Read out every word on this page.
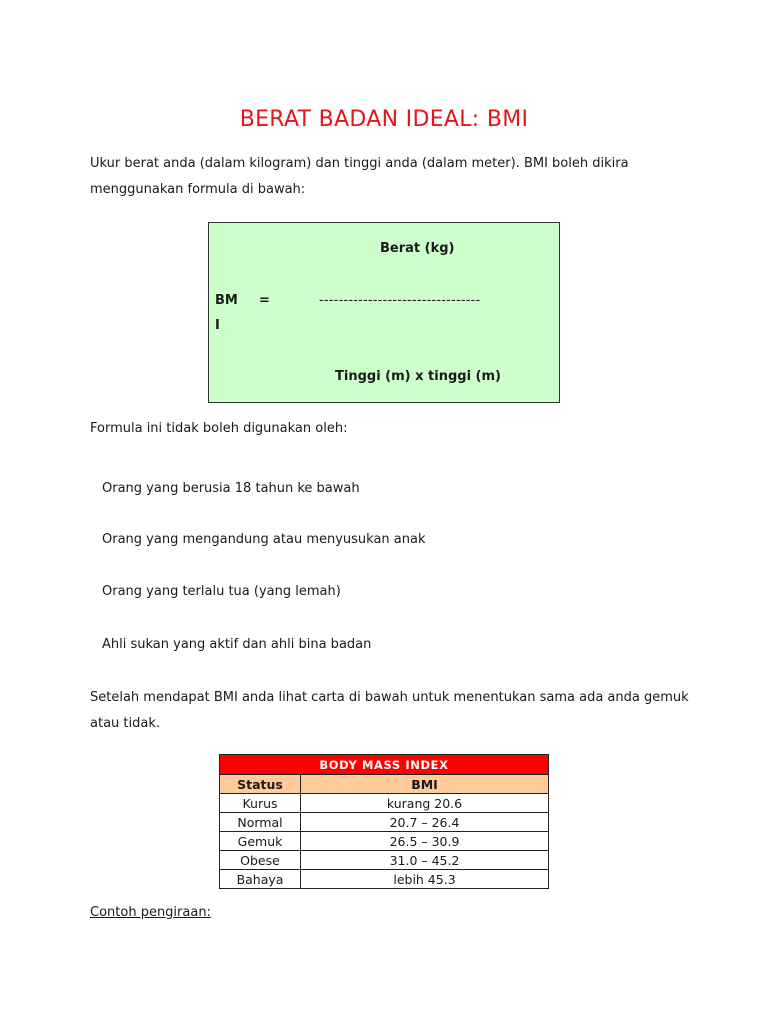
BERAT BADAN IDEAL: BMI
Ukur berat anda (dalam kilogram) dan tinggi anda (dalam meter). BMI boleh dikira
menggunakan formula di bawah:
Berat (kg)
BM
I
=	---------------------------------
Tinggi (m) x tinggi (m)
Formula ini tidak boleh digunakan oleh:
Orang yang berusia 18 tahun ke bawah
Orang yang mengandung atau menyusukan anak
Orang yang terlalu tua (yang lemah)
Ahli sukan yang aktif dan ahli bina badan
Setelah mendapat BMI anda lihat carta di bawah untuk menentukan sama ada anda gemuk
atau tidak.
BODY MASS INDEX	
Status	BMI
Kurus	kurang 20.6
Normal	20.7 – 26.4
Gemuk	26.5 – 30.9
Obese	31.0 – 45.2
Bahaya	lebih 45.3
Contoh pengiraan:
